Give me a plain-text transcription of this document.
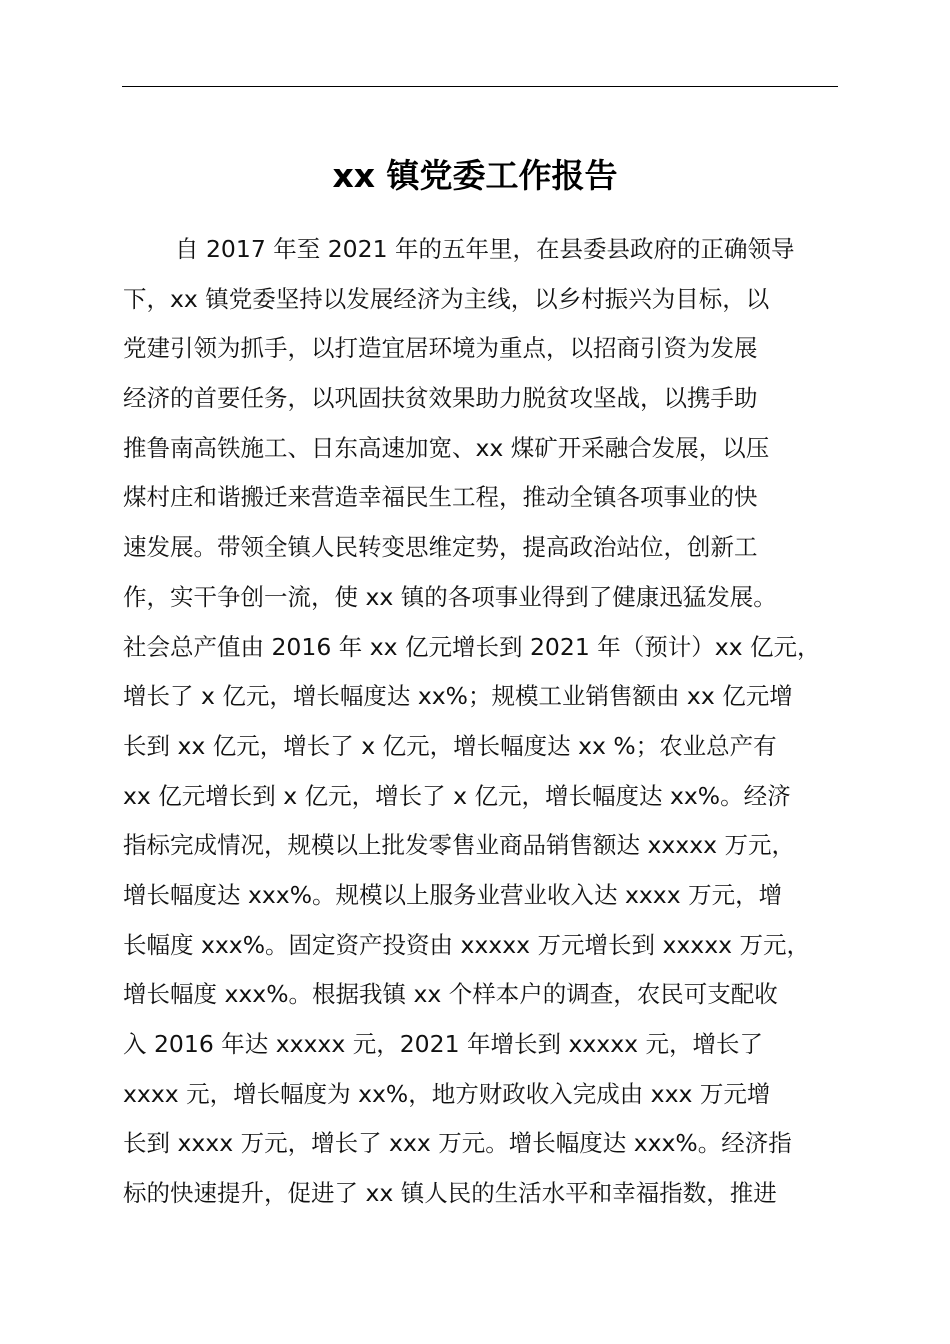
xx 镇党委工作报告
自 2017 年至 2021 年的五年里，在县委县政府的正确领导
下，xx 镇党委坚持以发展经济为主线，以乡村振兴为目标，以
党建引领为抓手，以打造宜居环境为重点，以招商引资为发展
经济的首要任务，以巩固扶贫效果助力脱贫攻坚战，以携手助
推鲁南高铁施工、日东高速加宽、xx 煤矿开采融合发展，以压
煤村庄和谐搬迁来营造幸福民生工程，推动全镇各项事业的快
速发展。带领全镇人民转变思维定势，提高政治站位，创新工
作，实干争创一流，使 xx 镇的各项事业得到了健康迅猛发展。
社会总产值由 2016 年 xx 亿元增长到 2021 年（预计）xx 亿元，
增长了 x 亿元，增长幅度达 xx%；规模工业销售额由 xx 亿元增
长到 xx 亿元，增长了 x 亿元，增长幅度达 xx %；农业总产有
xx 亿元增长到 x 亿元，增长了 x 亿元，增长幅度达 xx%。经济
指标完成情况，规模以上批发零售业商品销售额达 xxxxx 万元，
增长幅度达 xxx%。规模以上服务业营业收入达 xxxx 万元，增
长幅度 xxx%。固定资产投资由 xxxxx 万元增长到 xxxxx 万元，
增长幅度 xxx%。根据我镇 xx 个样本户的调查，农民可支配收
入 2016 年达 xxxxx 元，2021 年增长到 xxxxx 元，增长了
xxxx 元，增长幅度为 xx%，地方财政收入完成由 xxx 万元增
长到 xxxx 万元，增长了 xxx 万元。增长幅度达 xxx%。经济指
标的快速提升，促进了 xx 镇人民的生活水平和幸福指数，推进
